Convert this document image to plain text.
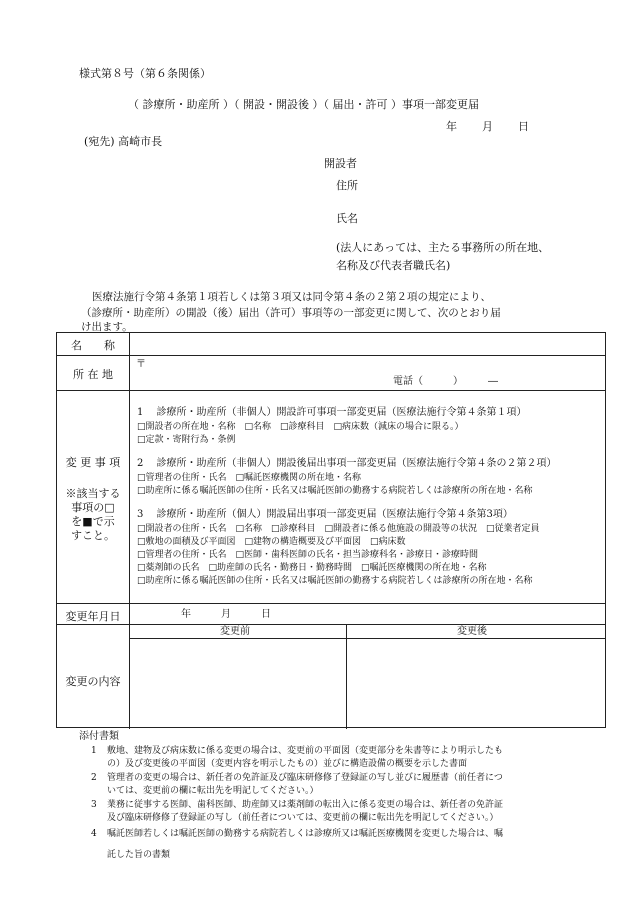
様式第８号（第６条関係）
（ 診療所・助産所 ）（ 開設・開設後 ）（ 届出・許可 ）事項一部変更届
年　　月　　日
(宛先) 高崎市長
開設者
住所
氏名
(法人にあっては、主たる事務所の所在地、
名称及び代表者職氏名)
医療法施行令第４条第１項若しくは第３項又は同令第４条の２第２項の規定により、
（診療所・助産所）の開設（後）届出（許可）事項等の一部変更に関して、次のとおり届
け出ます。
名　　称
所 在 地
〒
電話（　　　）　　　―
変 更 事 項
※該当する
事項の□
を■で示
すこと。
1　 診療所・助産所（非個人）開設許可事項一部変更届（医療法施行令第４条第１項）
□開設者の所在地・名称　□名称　□診療科目　□病床数（減床の場合に限る。）
□定款・寄附行為・条例
2　 診療所・助産所（非個人）開設後届出事項一部変更届（医療法施行令第４条の２第２項）
□管理者の住所・氏名　□嘱託医療機関の所在地・名称
□助産所に係る嘱託医師の住所・氏名又は嘱託医師の勤務する病院若しくは診療所の所在地・名称
3　 診療所・助産所（個人）開設届出事項一部変更届（医療法施行令第４条第3項）
□開設者の住所・氏名　□名称　□診療科目　□開設者に係る他施設の開設等の状況　□従業者定員
□敷地の面積及び平面図　□建物の構造概要及び平面図　□病床数
□管理者の住所・氏名　□医師・歯科医師の氏名・担当診療科名・診療日・診療時間
□薬剤師の氏名　□助産師の氏名・勤務日・勤務時間　□嘱託医療機関の所在地・名称
□助産所に係る嘱託医師の住所・氏名又は嘱託医師の勤務する病院若しくは診療所の所在地・名称
変更年月日	年　　　月　　　日
変更の内容
変更前	変更後
添付書類
1 敷地、建物及び病床数に係る変更の場合は、変更前の平面図（変更部分を朱書等により明示したも
の）及び変更後の平面図（変更内容を明示したもの）並びに構造設備の概要を示した書面
2 管理者の変更の場合は、新任者の免許証及び臨床研修修了登録証の写し並びに履歴書（前任者につ
いては、変更前の欄に転出先を明記してください。）
3 業務に従事する医師、歯科医師、助産師又は薬剤師の転出入に係る変更の場合は、新任者の免許証
及び臨床研修修了登録証の写し（前任者については、変更前の欄に転出先を明記してください。）
4 嘱託医師若しくは嘱託医師の勤務する病院若しくは診療所又は嘱託医療機関を変更した場合は、嘱
託した旨の書類
